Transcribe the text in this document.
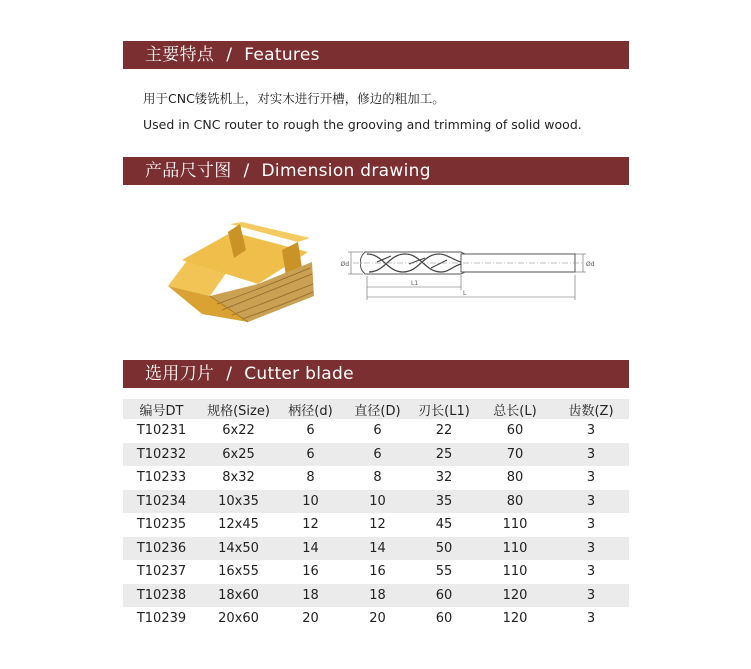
主要特点 / Features
用于CNC镂铣机上，对实木进行开槽，修边的粗加工。
Used in CNC router to rough the grooving and trimming of solid wood.
产品尺寸图 / Dimension drawing
Ød	Ød
L1
L
选用刀片 / Cutter blade
编号DT	规格(Size)	柄径(d)	直径(D)	刃长(L1)	总长(L)	齿数(Z)
T10231	6x22	6	6	22	60	3
T10232	6x25	6	6	25	70	3
T10233	8x32	8	8	32	80	3
T10234	10x35	10	10	35	80	3
T10235	12x45	12	12	45	110	3
T10236	14x50	14	14	50	110	3
T10237	16x55	16	16	55	110	3
T10238	18x60	18	18	60	120	3
T10239	20x60	20	20	60	120	3
